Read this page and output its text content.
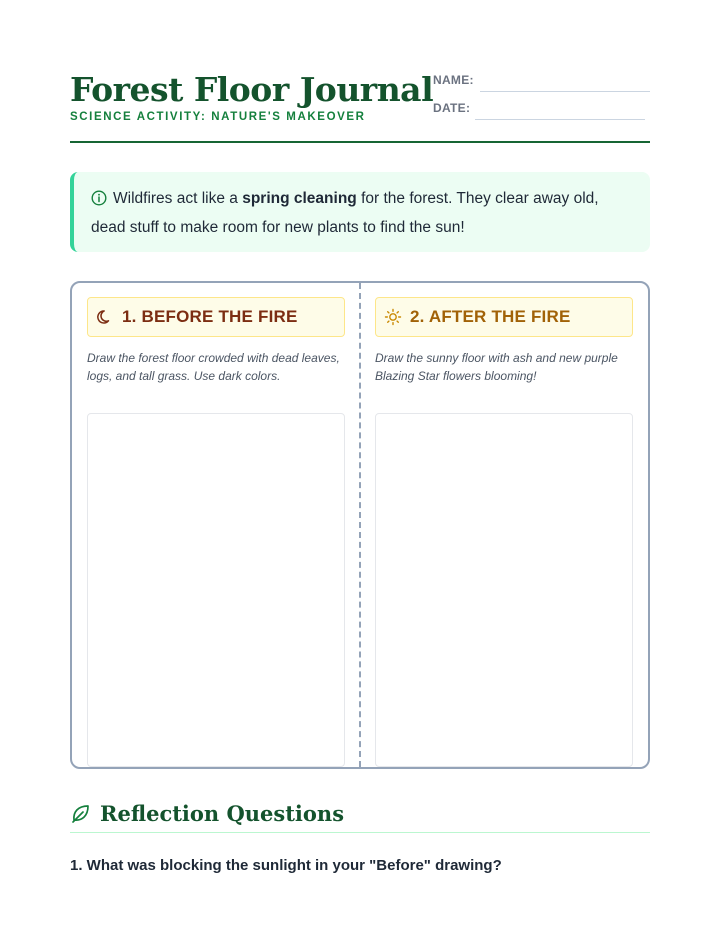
Forest Floor Journal
SCIENCE ACTIVITY: NATURE'S MAKEOVER
NAME:
DATE:
Wildfires act like a spring cleaning for the forest. They clear away old, dead stuff to make room for new plants to find the sun!
1. BEFORE THE FIRE
Draw the forest floor crowded with dead leaves, logs, and tall grass. Use dark colors.
2. AFTER THE FIRE
Draw the sunny floor with ash and new purple Blazing Star flowers blooming!
Reflection Questions
1. What was blocking the sunlight in your "Before" drawing?
